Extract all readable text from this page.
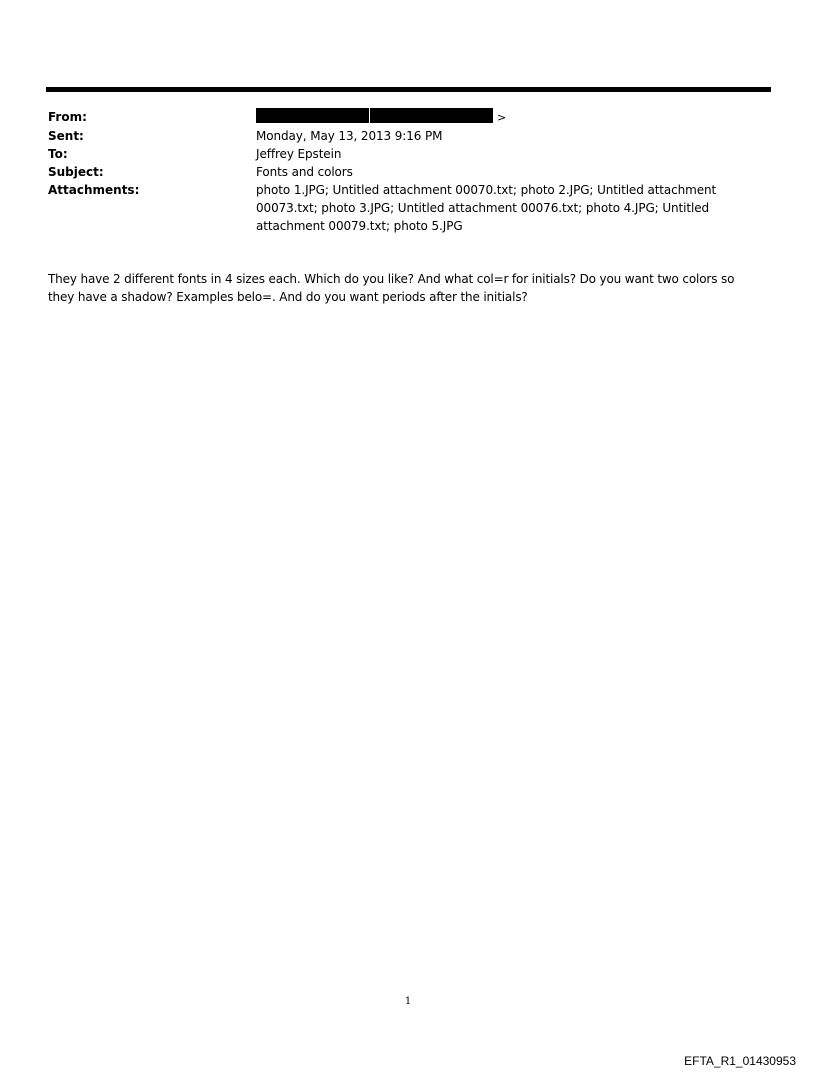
From:	>
Sent:	Monday, May 13, 2013 9:16 PM
To:	Jeffrey Epstein
Subject:	Fonts and colors
Attachments:	photo 1.JPG; Untitled attachment 00070.txt; photo 2.JPG; Untitled attachment 00073.txt; photo 3.JPG; Untitled attachment 00076.txt; photo 4.JPG; Untitled attachment 00079.txt; photo 5.JPG
They have 2 different fonts in 4 sizes each. Which do you like? And what col=r for initials? Do you want two colors so they have a shadow? Examples belo=. And do you want periods after the initials?
1
EFTA_R1_01430953
